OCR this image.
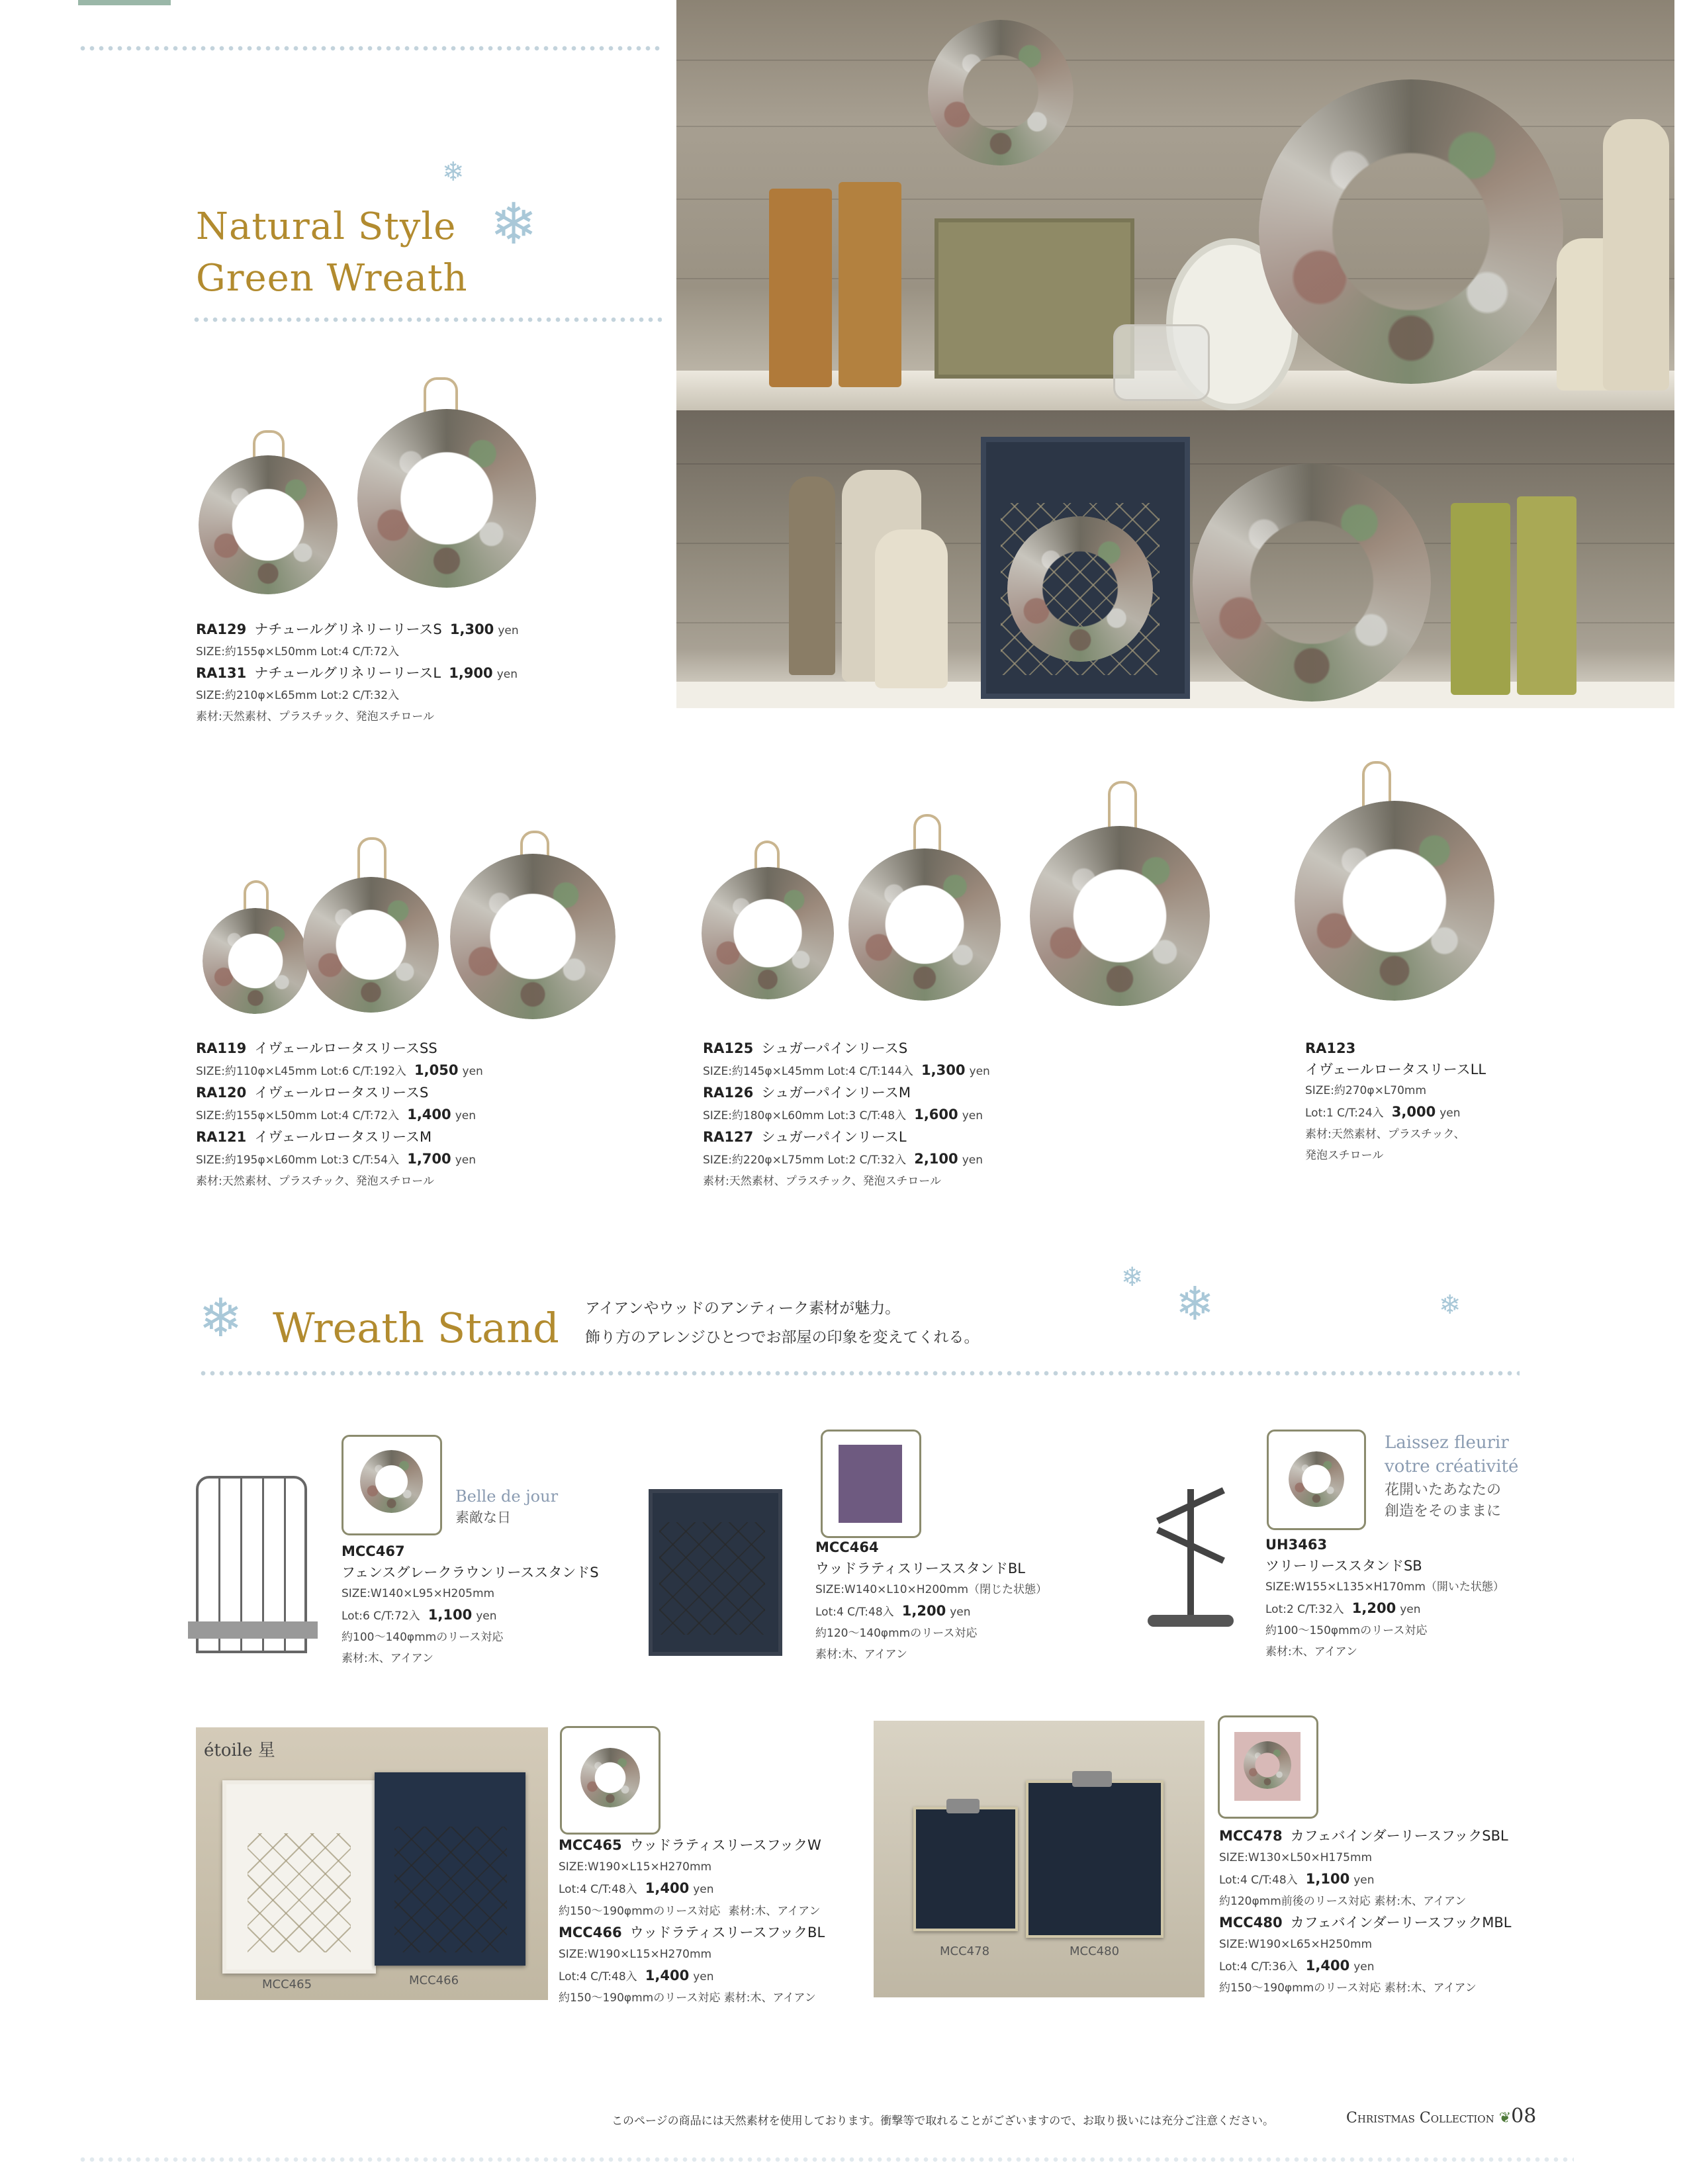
❄
❄
Natural Style
Green Wreath
RA129 ナチュールグリネリーリースS 1,300 yen
SIZE:約155φ×L50mm Lot:4 C/T:72入
RA131 ナチュールグリネリーリースL 1,900 yen
SIZE:約210φ×L65mm Lot:2 C/T:32入
素材:天然素材、プラスチック、発泡スチロール
RA119 イヴェールロータスリースSS
SIZE:約110φ×L45mm Lot:6 C/T:192入 1,050 yen
RA120 イヴェールロータスリースS
SIZE:約155φ×L50mm Lot:4 C/T:72入 1,400 yen
RA121 イヴェールロータスリースM
SIZE:約195φ×L60mm Lot:3 C/T:54入 1,700 yen
素材:天然素材、プラスチック、発泡スチロール
RA125 シュガーパインリースS
SIZE:約145φ×L45mm Lot:4 C/T:144入 1,300 yen
RA126 シュガーパインリースM
SIZE:約180φ×L60mm Lot:3 C/T:48入 1,600 yen
RA127 シュガーパインリースL
SIZE:約220φ×L75mm Lot:2 C/T:32入 2,100 yen
素材:天然素材、プラスチック、発泡スチロール
RA123
イヴェールロータスリースLL
SIZE:約270φ×L70mm
Lot:1 C/T:24入 3,000 yen
素材:天然素材、プラスチック、
発泡スチロール
❄ Wreath Stand アイアンやウッドのアンティーク素材が魅力。
飾り方のアレンジひとつでお部屋の印象を変えてくれる。
❄ ❄	❄
Belle de jour
素敵な日
MCC467
フェンスグレークラウンリーススタンドS
SIZE:W140×L95×H205mm
Lot:6 C/T:72入 1,100 yen
約100～140φmmのリース対応
素材:木、アイアン
MCC464
ウッドラティスリーススタンドBL
SIZE:W140×L10×H200mm（閉じた状態）
Lot:4 C/T:48入 1,200 yen
約120～140φmmのリース対応
素材:木、アイアン
Laissez fleurir
votre créativité
花開いたあなたの
創造をそのままに
UH3463
ツリーリーススタンドSB
SIZE:W155×L135×H170mm（開いた状態）
Lot:2 C/T:32入 1,200 yen
約100～150φmmのリース対応
素材:木、アイアン
étoile 星
MCC465	MCC466
MCC465 ウッドラティスリースフックW
SIZE:W190×L15×H270mm
Lot:4 C/T:48入 1,400 yen
約150～190φmmのリース対応 素材:木、アイアン
MCC466 ウッドラティスリースフックBL
SIZE:W190×L15×H270mm
Lot:4 C/T:48入 1,400 yen
約150～190φmmのリース対応 素材:木、アイアン
MCC478	MCC480
MCC478 カフェバインダーリースフックSBL
SIZE:W130×L50×H175mm
Lot:4 C/T:48入 1,100 yen
約120φmm前後のリース対応 素材:木、アイアン
MCC480 カフェバインダーリースフックMBL
SIZE:W190×L65×H250mm
Lot:4 C/T:36入 1,400 yen
約150～190φmmのリース対応 素材:木、アイアン
このページの商品には天然素材を使用しております。衝撃等で取れることがございますので、お取り扱いには充分ご注意ください。	Christmas Collection ❦08
